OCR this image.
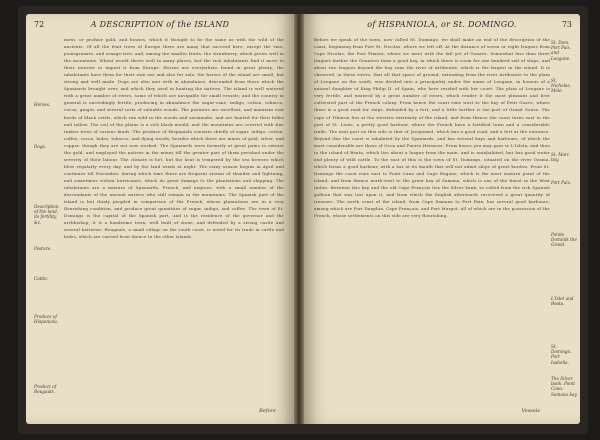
72	A DESCRIPTION of the ISLAND
Horses.
Dogs.
Description of the land, its fertility, &c.
Pasture.
Cattle.
Produce of Hispaniola.
Product of Bougauls.
ment, or profuse gold, and houses, which it thought to be the same as with the wild of the ancients. Of all the fruit trees of Europe there are many that succeed here, except the vine, pomegranate, and orange-tree; and, among the smaller fruits, the strawberry, which grows well in the mountains. Wheat would thrive well in many places, but the rich inhabitants find it more to their interest to import it from Europe. Horses are everywhere found in great plenty; the inhabitants have them for their own use and also for sale; the horses of the island are small, but strong and well made. Dogs are also met with in abundance, descended from those which the Spaniards brought over, and which they used in hunting the natives. The island is well watered with a great number of rivers, some of which are navigable for small vessels; and the country in general is exceedingly fertile, producing in abundance the sugar-cane, indigo, cotton, tobacco, cocoa, ginger, and several sorts of valuable woods. The pastures are excellent, and maintain vast herds of black cattle, which run wild in the woods and savannahs, and are hunted for their hides and tallow. The soil of the plains is a rich black mould, and the mountains are covered with fine timber trees of various kinds. The produce of Hispaniola consists chiefly of sugar, indigo, cotton, coffee, cocoa, hides, tobacco, and dying woods; besides which there are mines of gold, silver, and copper, though they are not now worked. The Spaniards were formerly at great pains to extract the gold, and employed the natives in the mines till the greater part of them perished under the severity of their labour. The climate is hot, but the heat is tempered by the sea breezes which blow regularly every day, and by the land winds at night. The rainy season begins in April and continues till November, during which time there are frequent storms of thunder and lightning, and sometimes violent hurricanes, which do great damage to the plantations and shipping. The inhabitants are a mixture of Spaniards, French, and negroes, with a small number of the descendants of the ancient natives who still remain in the mountains. The Spanish part of the island is but thinly peopled in comparison of the French, whose plantations are in a very flourishing condition, and produce great quantities of sugar, indigo, and coffee. The town of St. Domingo is the capital of the Spanish part, and is the residence of the governor and the archbishop; it is a handsome town, well built of stone, and defended by a strong castle and several batteries. Bougauls, a small village on the south coast, is noted for its trade in cattle and hides, which are carried from thence to the other islands.
Before
of HISPANIOLA, or St. DOMINGO.	73
St. Dom. Port Paix and Leogane.
St. Nicholas, Mole.
St. Marc bay.
Port Paix.
Pointe Dominik the Grand.
L'Islet and Beata.
St. Domingo. Port Isabella.
The Silver bank. Point Cana. Samana bay.
Before we speak of the town, now called St. Domingo, we shall make an end of the description of the coast, beginning from Port St. Nicolas, where we left off. At the distance of seven or eight leagues from Cape Nicolas, the Port Piment, where we meet with the fall yet of Gonave. Somewhat less than three leagues farther the Gonaives form a good bay, in which there is room for one hundred sail of ships; and about two leagues beyond the bay runs the river of Artibonite, which is the largest in the island. It is observed, in these rivers, that all that space of ground, extending from the river Artibonite to the plain of Leogane on the south, was divided into a principality under the name of Leogane, in honour of a natural daughter of King Philip II. of Spain, who here resided with her court. The plain of Leogane is very fertile, and watered by a great number of rivers, which render it the most pleasant and best cultivated part of the French colony. From hence the coast runs west to the bay of Petit Goave, where there is a good road for ships, defended by a fort; and a little further is the port of Grand Goave. The cape of Tiburon lies at the western extremity of the island, and from thence the coast turns east to the port of St. Louis, a pretty good harbour, where the French have a fortified town and a considerable trade. The next port on this side is that of Jacquemel, which has a good road, and a fort at the entrance. Beyond this the coast is inhabited by the Spaniards, and has several bays and harbours, of which the most considerable are those of Ocoa and Puerto Hermoso. From hence you may pass to L'Isleta, and then to the island of Beata, which lies about a league from the main, and is uninhabited, but has good water and plenty of wild cattle. To the east of this is the town of St. Domingo, situated on the river Ozama, which forms a good harbour, with a bar at its mouth that will not admit ships of great burden. From St. Domingo the coast runs east to Point Cana and Cape Engano, which is the most eastern point of the island; and from thence north-west to the great bay of Samana, which is one of the finest in the West Indies. Between this bay and the old Cape François lies the Silver bank, so called from the rich Spanish galleon that was lost upon it, and from which the English afterwards recovered a great quantity of treasure. The north coast of the island, from Cape Samana to Port Paix, has several good harbours; among which are Port Dauphin, Cape François, and Port Margot, all of which are in the possession of the French, whose settlements on this side are very flourishing.
Vessels
